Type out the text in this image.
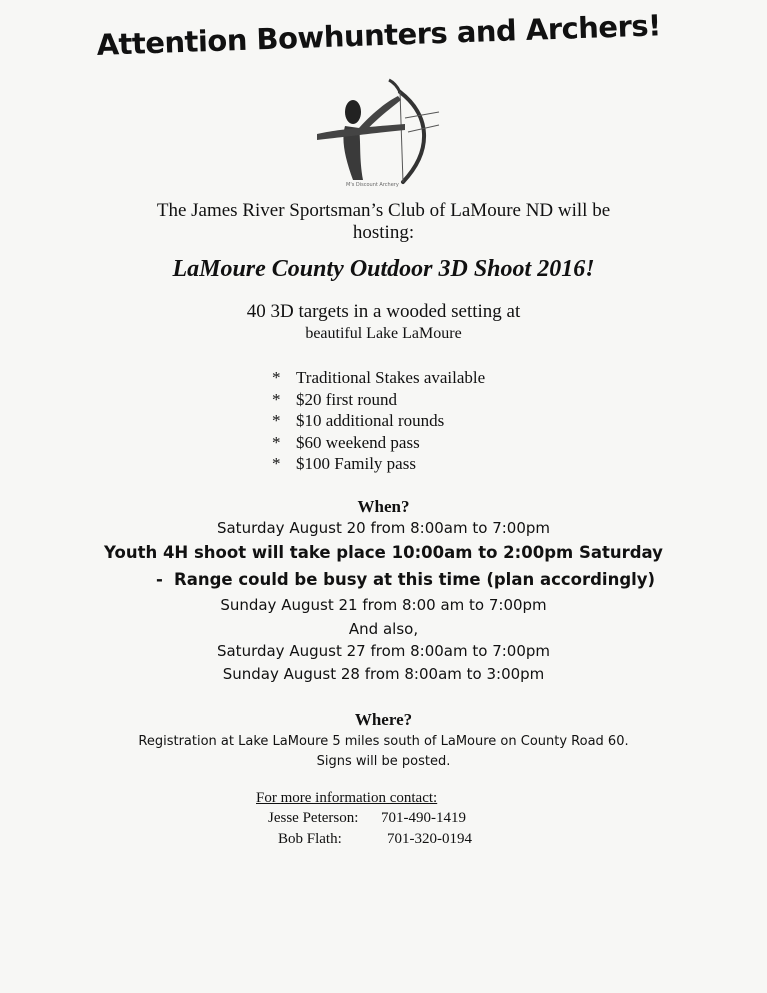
Attention Bowhunters and Archers!
M's Discount Archery
The James River Sportsman’s Club of LaMoure ND will be
hosting:
LaMoure County Outdoor 3D Shoot 2016!
40 3D targets in a wooded setting at
beautiful Lake LaMoure
* Traditional Stakes available
* $20 first round
* $10 additional rounds
* $60 weekend pass
* $100 Family pass
When?
Saturday August 20 from 8:00am to 7:00pm
Youth 4H shoot will take place 10:00am to 2:00pm Saturday
- Range could be busy at this time (plan accordingly)
Sunday August 21 from 8:00 am to 7:00pm
And also,
Saturday August 27 from 8:00am to 7:00pm
Sunday August 28 from 8:00am to 3:00pm
Where?
Registration at Lake LaMoure 5 miles south of LaMoure on County Road 60.
Signs will be posted.
For more information contact:
Jesse Peterson: 701-490-1419
Bob Flath:	701-320-0194
